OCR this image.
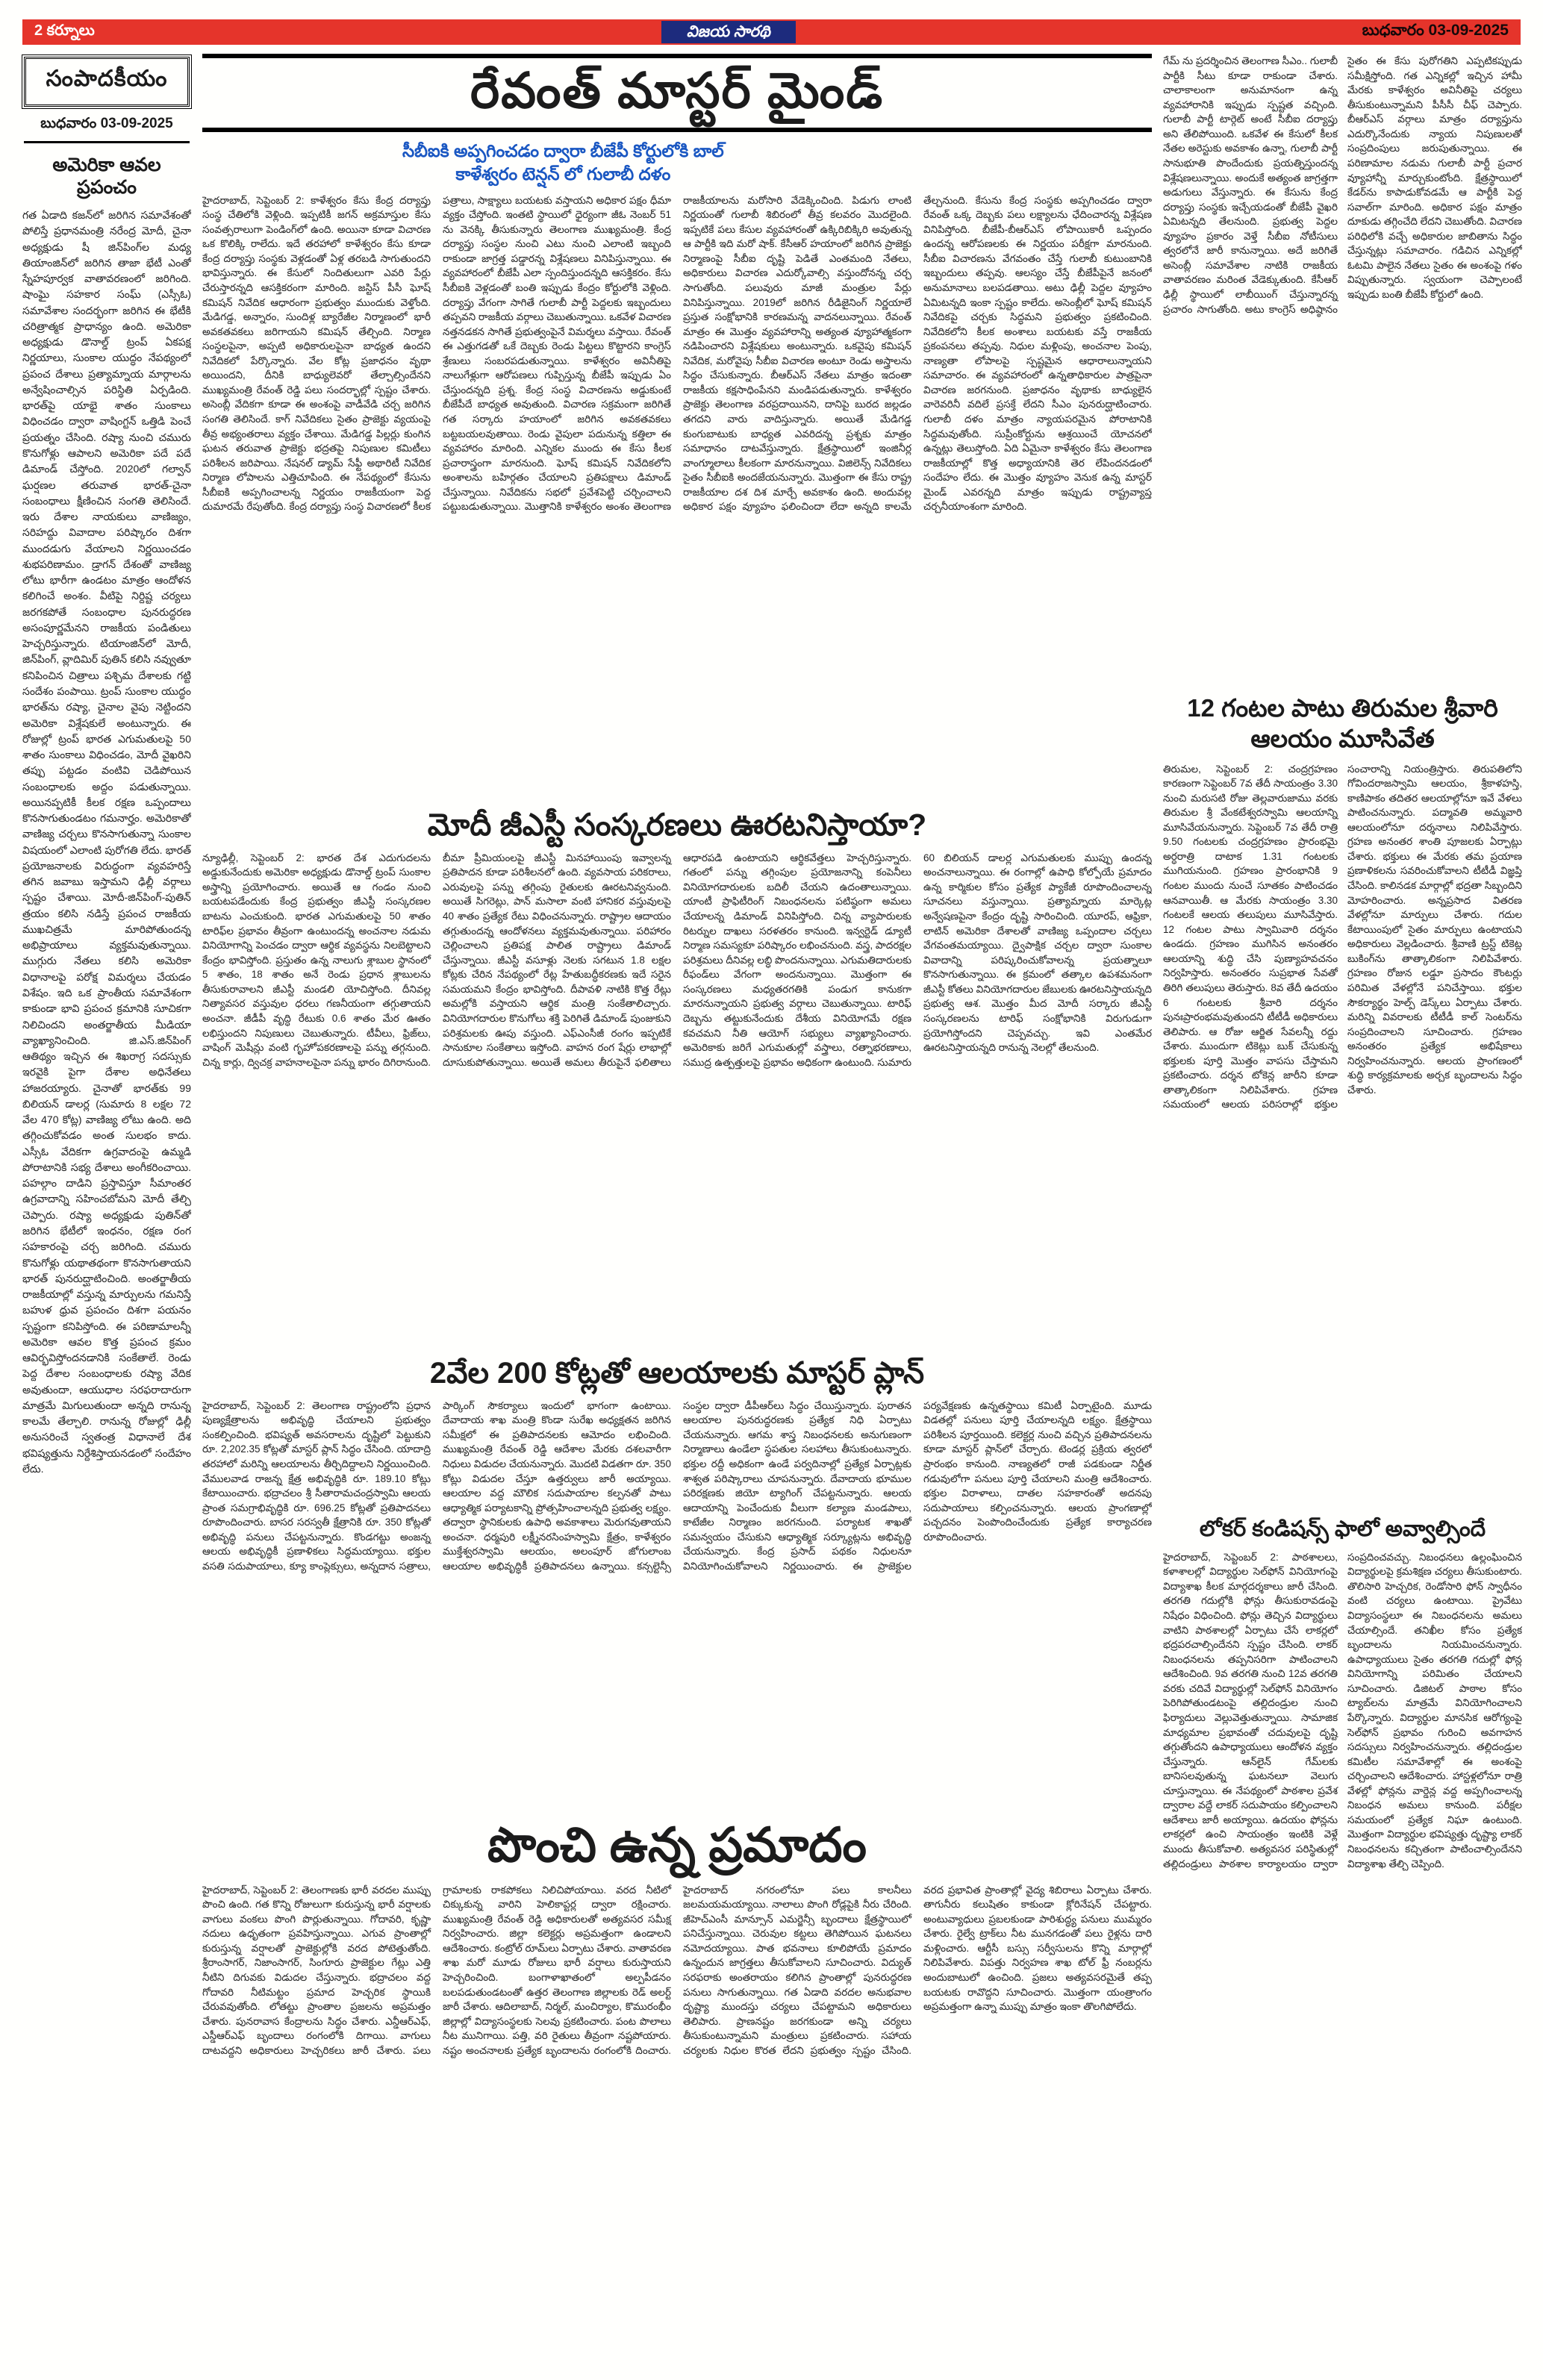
2 కర్నూలు	విజయ సారథి	బుధవారం 03-09-2025
సంపాదకీయం
బుధవారం 03-09-2025
అమెరికా ఆవల ప్రపంచం
గత ఏడాది కజన్‌లో జరిగిన సమావేశంతో పోలిస్తే ప్రధానమంత్రి నరేంద్ర మోదీ, చైనా అధ్యక్షుడు షీ జిన్‌పింగ్‌ల మధ్య తియాంజిన్‌లో జరిగిన తాజా భేటీ ఎంతో స్నేహపూర్వక వాతావరణంలో జరిగింది. షాంఘై సహకార సంఘ్ (ఎస్సీఓ) సమావేశాల సందర్భంగా జరిగిన ఈ భేటీకి చరిత్రాత్మక ప్రాధాన్యం ఉంది. అమెరికా అధ్యక్షుడు డొనాల్డ్ ట్రంప్ ఏకపక్ష నిర్ణయాలు, సుంకాల యుద్ధం నేపథ్యంలో ప్రపంచ దేశాలు ప్రత్యామ్నాయ మార్గాలను అన్వేషించాల్సిన పరిస్థితి ఏర్పడింది. భారత్‌పై యాభై శాతం సుంకాలు విధించడం ద్వారా వాషింగ్టన్ ఒత్తిడి పెంచే ప్రయత్నం చేసింది. రష్యా నుంచి చమురు కొనుగోళ్లు ఆపాలని అమెరికా పదే పదే డిమాండ్ చేస్తోంది. 2020లో గల్వాన్ ఘర్షణల తరువాత భారత్-చైనా సంబంధాలు క్షీణించిన సంగతి తెలిసిందే. ఇరు దేశాల నాయకులు వాణిజ్యం, సరిహద్దు వివాదాల పరిష్కారం దిశగా ముందడుగు వేయాలని నిర్ణయించడం శుభపరిణామం. డ్రాగన్ దేశంతో వాణిజ్య లోటు భారీగా ఉండటం మాత్రం ఆందోళన కలిగించే అంశం. వీటిపై నిర్దిష్ట చర్యలు జరగకపోతే సంబంధాల పునరుద్ధరణ అసంపూర్ణమేనని రాజకీయ పండితులు హెచ్చరిస్తున్నారు. టియాంజిన్‌లో మోదీ, జిన్‌పింగ్, వ్లాదిమిర్ పుతిన్ కలిసి నవ్వుతూ కనిపించిన చిత్రాలు పశ్చిమ దేశాలకు గట్టి సందేశం పంపాయి. ట్రంప్ సుంకాల యుద్ధం భారత్‌ను రష్యా, చైనాల వైపు నెట్టిందని అమెరికా విశ్లేషకులే అంటున్నారు. ఈ రోజుల్లో ట్రంప్ భారత ఎగుమతులపై 50 శాతం సుంకాలు విధించడం, మోదీ వైఖరిని తప్పు పట్టడం వంటివి చెడిపోయిన సంబంధాలకు అద్దం పడుతున్నాయి. అయినప్పటికీ కీలక రక్షణ ఒప్పందాలు కొనసాగుతుండటం గమనార్హం. అమెరికాతో వాణిజ్య చర్చలు కొనసాగుతున్నా సుంకాల విషయంలో ఎలాంటి పురోగతి లేదు. భారత్ ప్రయోజనాలకు విరుద్ధంగా వ్యవహరిస్తే తగిన జవాబు ఇస్తామని ఢిల్లీ వర్గాలు స్పష్టం చేశాయి. మోదీ-జిన్‌పింగ్-పుతిన్ త్రయం కలిసి నడిస్తే ప్రపంచ రాజకీయ ముఖచిత్రమే మారిపోతుందన్న అభిప్రాయాలు వ్యక్తమవుతున్నాయి. ముగ్గురు నేతలు కలిసి అమెరికా విధానాలపై పరోక్ష విమర్శలు చేయడం విశేషం. ఇది ఒక ప్రాంతీయ సమావేశంగా కాకుండా భావి ప్రపంచ క్రమానికి సూచికగా నిలిచిందని అంతర్జాతీయ మీడియా వ్యాఖ్యానించింది. జి.ఎస్.జిన్‌పింగ్ ఆతిథ్యం ఇచ్చిన ఈ శిఖరాగ్ర సదస్సుకు ఇరవైకి పైగా దేశాల అధినేతలు హాజరయ్యారు. చైనాతో భారత్‌కు 99 బిలియన్ డాలర్ల (సుమారు 8 లక్షల 72 వేల 470 కోట్ల) వాణిజ్య లోటు ఉంది. అది తగ్గించుకోవడం అంత సులభం కాదు. ఎస్సీఓ వేదికగా ఉగ్రవాదంపై ఉమ్మడి పోరాటానికి సభ్య దేశాలు అంగీకరించాయి. పహల్గాం దాడిని ప్రస్తావిస్తూ సీమాంతర ఉగ్రవాదాన్ని సహించబోమని మోదీ తేల్చి చెప్పారు. రష్యా అధ్యక్షుడు పుతిన్‌తో జరిగిన భేటీలో ఇంధనం, రక్షణ రంగ సహకారంపై చర్చ జరిగింది. చమురు కొనుగోళ్లు యథాతథంగా కొనసాగుతాయని భారత్ పునరుద్ఘాటించింది. అంతర్జాతీయ రాజకీయాల్లో వస్తున్న మార్పులను గమనిస్తే బహుళ ధ్రువ ప్రపంచం దిశగా పయనం స్పష్టంగా కనిపిస్తోంది. ఈ పరిణామాలన్నీ అమెరికా ఆవల కొత్త ప్రపంచ క్రమం ఆవిర్భవిస్తోందనడానికి సంకేతాలే. రెండు పెద్ద దేశాల సంబంధాలకు రష్యా వేదిక అవుతుందా, ఆయుధాల సరఫరాదారుగా మాత్రమే మిగులుతుందా అన్నది రానున్న కాలమే తేల్చాలి. రానున్న రోజుల్లో ఢిల్లీ అనుసరించే స్వతంత్ర విధానాలే దేశ భవిష్యత్తును నిర్దేశిస్తాయనడంలో సందేహం లేదు.
రేవంత్ మాస్టర్ మైండ్
సీబీఐకి అప్పగించడం ద్వారా బీజేపీ కోర్టులోకి బాల్
కాళేశ్వరం టెన్షన్ లో గులాబీ దళం
హైదరాబాద్, సెప్టెంబర్ 2: కాళేశ్వరం కేసు కేంద్ర దర్యాప్తు సంస్థ చేతిలోకి వెళ్లింది. ఇప్పటికీ జగన్ అక్రమాస్తుల కేసు సంవత్సరాలుగా పెండింగ్‌లో ఉంది. అయినా కూడా విచారణ ఒక కొలిక్కి రాలేదు. ఇదే తరహాలో కాళేశ్వరం కేసు కూడా కేంద్ర దర్యాప్తు సంస్థకు వెళ్లడంతో ఏళ్ల తరబడి సాగుతుందని భావిస్తున్నారు. ఈ కేసులో నిందితులుగా ఎవరి పేర్లు చేరుస్తారన్నది ఆసక్తికరంగా మారింది. జస్టిస్ పీసీ ఘోష్ కమిషన్ నివేదిక ఆధారంగా ప్రభుత్వం ముందుకు వెళ్తోంది. మేడిగడ్డ, అన్నారం, సుందిళ్ల బ్యారేజీల నిర్మాణంలో భారీ అవకతవకలు జరిగాయని కమిషన్ తేల్చింది. నిర్మాణ సంస్థలపైనా, అప్పటి అధికారులపైనా బాధ్యత ఉందని నివేదికలో పేర్కొన్నారు. వేల కోట్ల ప్రజాధనం వృథా అయిందని, దీనికి బాధ్యులెవరో తేల్చాల్సిందేనని ముఖ్యమంత్రి రేవంత్ రెడ్డి పలు సందర్భాల్లో స్పష్టం చేశారు. అసెంబ్లీ వేదికగా కూడా ఈ అంశంపై వాడీవేడి చర్చ జరిగిన సంగతి తెలిసిందే. కాగ్ నివేదికలు సైతం ప్రాజెక్టు వ్యయంపై తీవ్ర అభ్యంతరాలు వ్యక్తం చేశాయి. మేడిగడ్డ పిల్లర్లు కుంగిన ఘటన తరువాత ప్రాజెక్టు భద్రతపై నిపుణుల కమిటీలు పరిశీలన జరిపాయి. నేషనల్ డ్యామ్ సేఫ్టీ అథారిటీ నివేదిక నిర్మాణ లోపాలను ఎత్తిచూపింది. ఈ నేపథ్యంలో కేసును సీబీఐకి అప్పగించాలన్న నిర్ణయం రాజకీయంగా పెద్ద దుమారమే రేపుతోంది. కేంద్ర దర్యాప్తు సంస్థ విచారణలో కీలక పత్రాలు, సాక్ష్యాలు బయటకు వస్తాయని అధికార పక్షం ధీమా వ్యక్తం చేస్తోంది. ఇంతటి స్థాయిలో ధైర్యంగా జీఓ నెంబర్ 51 ను వెనక్కి తీసుకున్నారు తెలంగాణ ముఖ్యమంత్రి. కేంద్ర దర్యాప్తు సంస్థల నుంచి ఎటు నుంచి ఎలాంటి ఇబ్బంది రాకుండా జాగ్రత్త పడ్డారన్న విశ్లేషణలు వినిపిస్తున్నాయి. ఈ వ్యవహారంలో బీజేపీ ఎలా స్పందిస్తుందన్నది ఆసక్తికరం. కేసు సీబీఐకి వెళ్లడంతో బంతి ఇప్పుడు కేంద్రం కోర్టులోకి వెళ్లింది. దర్యాప్తు వేగంగా సాగితే గులాబీ పార్టీ పెద్దలకు ఇబ్బందులు తప్పవని రాజకీయ వర్గాలు చెబుతున్నాయి. ఒకవేళ విచారణ నత్తనడకన సాగితే ప్రభుత్వంపైనే విమర్శలు వస్తాయి. రేవంత్ ఈ ఎత్తుగడతో ఒకే దెబ్బకు రెండు పిట్టలు కొట్టారని కాంగ్రెస్ శ్రేణులు సంబరపడుతున్నాయి. కాళేశ్వరం అవినీతిపై నాలుగేళ్లుగా ఆరోపణలు గుప్పిస్తున్న బీజేపీ ఇప్పుడు ఏం చేస్తుందన్నది ప్రశ్న. కేంద్ర సంస్థ విచారణను అడ్డుకుంటే బీజేపీదే బాధ్యత అవుతుంది. విచారణ సక్రమంగా జరిగితే గత సర్కారు హయాంలో జరిగిన అవకతవకలు బట్టబయలవుతాయి. రెండు వైపులా పదునున్న కత్తిలా ఈ వ్యవహారం మారింది. ఎన్నికల ముందు ఈ కేసు కీలక ప్రచారాస్త్రంగా మారనుంది. ఘోష్ కమిషన్ నివేదికలోని అంశాలను బహిర్గతం చేయాలని ప్రతిపక్షాలు డిమాండ్ చేస్తున్నాయి. నివేదికను సభలో ప్రవేశపెట్టి చర్చించాలని పట్టుబడుతున్నాయి. మొత్తానికి కాళేశ్వరం అంశం తెలంగాణ రాజకీయాలను మరోసారి వేడెక్కించింది. పిడుగు లాంటి నిర్ణయంతో గులాబీ శిబిరంలో తీవ్ర కలవరం మొదలైంది. ఇప్పటికే పలు కేసుల వ్యవహారంతో ఉక్కిరిబిక్కిరి అవుతున్న ఆ పార్టీకి ఇది మరో షాక్. కేసీఆర్ హయాంలో జరిగిన ప్రాజెక్టు నిర్మాణంపై సీబీఐ దృష్టి పెడితే ఎంతమంది నేతలు, అధికారులు విచారణ ఎదుర్కోవాల్సి వస్తుందోనన్న చర్చ సాగుతోంది. పలువురు మాజీ మంత్రుల పేర్లు వినిపిస్తున్నాయి. 2019లో జరిగిన రీడిజైనింగ్ నిర్ణయాలే ప్రస్తుత సంక్షోభానికి కారణమన్న వాదనలున్నాయి. రేవంత్ మాత్రం ఈ మొత్తం వ్యవహారాన్ని అత్యంత వ్యూహాత్మకంగా నడిపించారని విశ్లేషకులు అంటున్నారు. ఒకవైపు కమిషన్ నివేదిక, మరోవైపు సీబీఐ విచారణ అంటూ రెండు అస్త్రాలను సిద్ధం చేసుకున్నారు. బీఆర్ఎస్ నేతలు మాత్రం ఇదంతా రాజకీయ కక్షసాధింపేనని మండిపడుతున్నారు. కాళేశ్వరం ప్రాజెక్టు తెలంగాణ వరప్రదాయినని, దానిపై బురద జల్లడం తగదని వారు వాదిస్తున్నారు. అయితే మేడిగడ్డ కుంగుబాటుకు బాధ్యత ఎవరిదన్న ప్రశ్నకు మాత్రం సమాధానం దాటవేస్తున్నారు. క్షేత్రస్థాయిలో ఇంజినీర్ల వాంగ్మూలాలు కీలకంగా మారనున్నాయి. విజిలెన్స్ నివేదికలు సైతం సీబీఐకి అందజేయనున్నారు. మొత్తంగా ఈ కేసు రాష్ట్ర రాజకీయాల దశ దిశ మార్చే అవకాశం ఉంది. అందువల్ల అధికార పక్షం వ్యూహం ఫలించిందా లేదా అన్నది కాలమే తేల్చనుంది. కేసును కేంద్ర సంస్థకు అప్పగించడం ద్వారా రేవంత్ ఒక్క దెబ్బకు పలు లక్ష్యాలను ఛేదించారన్న విశ్లేషణ వినిపిస్తోంది. బీజేపీ-బీఆర్ఎస్ లోపాయికారీ ఒప్పందం ఉందన్న ఆరోపణలకు ఈ నిర్ణయం పరీక్షగా మారనుంది. సీబీఐ విచారణను వేగవంతం చేస్తే గులాబీ కుటుంబానికి ఇబ్బందులు తప్పవు. ఆలస్యం చేస్తే బీజేపీపైనే జనంలో అనుమానాలు బలపడతాయి. అటు ఢిల్లీ పెద్దల వ్యూహం ఏమిటన్నది ఇంకా స్పష్టం కాలేదు. అసెంబ్లీలో ఘోష్ కమిషన్ నివేదికపై చర్చకు సిద్ధమని ప్రభుత్వం ప్రకటించింది. నివేదికలోని కీలక అంశాలు బయటకు వస్తే రాజకీయ ప్రకంపనలు తప్పవు. నిధుల మళ్లింపు, అంచనాల పెంపు, నాణ్యతా లోపాలపై స్పష్టమైన ఆధారాలున్నాయని సమాచారం. ఈ వ్యవహారంలో ఉన్నతాధికారుల పాత్రపైనా విచారణ జరగనుంది. ప్రజాధనం వృథాకు బాధ్యులైన వారెవరినీ వదిలే ప్రసక్తే లేదని సీఎం పునరుద్ఘాటించారు. గులాబీ దళం మాత్రం న్యాయపరమైన పోరాటానికి సిద్ధమవుతోంది. సుప్రీంకోర్టును ఆశ్రయించే యోచనలో ఉన్నట్లు తెలుస్తోంది. ఏది ఏమైనా కాళేశ్వరం కేసు తెలంగాణ రాజకీయాల్లో కొత్త అధ్యాయానికి తెర లేపిందనడంలో సందేహం లేదు. ఈ మొత్తం వ్యూహం వెనుక ఉన్న మాస్టర్ మైండ్ ఎవరన్నది మాత్రం ఇప్పుడు రాష్ట్రవ్యాప్త చర్చనీయాంశంగా మారింది.
మోదీ జీఎస్టీ సంస్కరణలు ఊరటనిస్తాయా?
న్యూఢిల్లీ, సెప్టెంబర్ 2: భారత దేశ ఎదుగుదలను అడ్డుకునేందుకు అమెరికా అధ్యక్షుడు డొనాల్డ్ ట్రంప్ సుంకాల అస్త్రాన్ని ప్రయోగించారు. అయితే ఆ గండం నుంచి బయటపడేందుకు కేంద్ర ప్రభుత్వం జీఎస్టీ సంస్కరణల బాటను ఎంచుకుంది. భారత ఎగుమతులపై 50 శాతం టారిఫ్‌ల ప్రభావం తీవ్రంగా ఉంటుందన్న అంచనాల నడుమ వినియోగాన్ని పెంచడం ద్వారా ఆర్థిక వ్యవస్థను నిలబెట్టాలని కేంద్రం భావిస్తోంది. ప్రస్తుతం ఉన్న నాలుగు శ్లాబుల స్థానంలో 5 శాతం, 18 శాతం అనే రెండు ప్రధాన శ్లాబులను తీసుకురావాలని జీఎస్టీ మండలి యోచిస్తోంది. దీనివల్ల నిత్యావసర వస్తువుల ధరలు గణనీయంగా తగ్గుతాయని అంచనా. జీడీపీ వృద్ధి రేటుకు 0.6 శాతం మేర ఊతం లభిస్తుందని నిపుణులు చెబుతున్నారు. టీవీలు, ఫ్రిజ్‌లు, వాషింగ్ మెషీన్లు వంటి గృహోపకరణాలపై పన్ను తగ్గనుంది. చిన్న కార్లు, ద్విచక్ర వాహనాలపైనా పన్ను భారం దిగిరానుంది. బీమా ప్రీమియంలపై జీఎస్టీ మినహాయింపు ఇవ్వాలన్న ప్రతిపాదన కూడా పరిశీలనలో ఉంది. వ్యవసాయ పరికరాలు, ఎరువులపై పన్ను తగ్గింపు రైతులకు ఊరటనివ్వనుంది. అయితే సిగరెట్లు, పాన్ మసాలా వంటి హానికర వస్తువులపై 40 శాతం ప్రత్యేక రేటు విధించనున్నారు. రాష్ట్రాల ఆదాయం తగ్గుతుందన్న ఆందోళనలు వ్యక్తమవుతున్నాయి. పరిహారం చెల్లించాలని ప్రతిపక్ష పాలిత రాష్ట్రాలు డిమాండ్ చేస్తున్నాయి. జీఎస్టీ వసూళ్లు నెలకు సగటున 1.8 లక్షల కోట్లకు చేరిన నేపథ్యంలో రేట్ల హేతుబద్ధీకరణకు ఇదే సరైన సమయమని కేంద్రం భావిస్తోంది. దీపావళి నాటికి కొత్త రేట్లు అమల్లోకి వస్తాయని ఆర్థిక మంత్రి సంకేతాలిచ్చారు. వినియోగదారుల కొనుగోలు శక్తి పెరిగితే డిమాండ్ పుంజుకుని పరిశ్రమలకు ఊపు వస్తుంది. ఎఫ్ఎంసీజీ రంగం ఇప్పటికే సానుకూల సంకేతాలు ఇస్తోంది. వాహన రంగ షేర్లు లాభాల్లో దూసుకుపోతున్నాయి. అయితే అమలు తీరుపైనే ఫలితాలు ఆధారపడి ఉంటాయని ఆర్థికవేత్తలు హెచ్చరిస్తున్నారు. గతంలో పన్ను తగ్గింపుల ప్రయోజనాన్ని కంపెనీలు వినియోగదారులకు బదిలీ చేయని ఉదంతాలున్నాయి. యాంటీ ప్రాఫిటీరింగ్ నిబంధనలను పటిష్ఠంగా అమలు చేయాలన్న డిమాండ్ వినిపిస్తోంది. చిన్న వ్యాపారులకు రిటర్నుల దాఖలు సరళతరం కానుంది. ఇన్వర్టెడ్ డ్యూటీ నిర్మాణ సమస్యకూ పరిష్కారం లభించనుంది. వస్త్ర, పాదరక్షల పరిశ్రమలు దీనివల్ల లబ్ధి పొందనున్నాయి. ఎగుమతిదారులకు రీఫండ్‌లు వేగంగా అందనున్నాయి. మొత్తంగా ఈ సంస్కరణలు మధ్యతరగతికి పండుగ కానుకగా మారనున్నాయని ప్రభుత్వ వర్గాలు చెబుతున్నాయి. టారిఫ్ దెబ్బను తట్టుకునేందుకు దేశీయ వినియోగమే రక్షణ కవచమని నీతి ఆయోగ్ సభ్యులు వ్యాఖ్యానించారు. అమెరికాకు జరిగే ఎగుమతుల్లో వస్త్రాలు, రత్నాభరణాలు, సముద్ర ఉత్పత్తులపై ప్రభావం అధికంగా ఉంటుంది. సుమారు 60 బిలియన్ డాలర్ల ఎగుమతులకు ముప్పు ఉందన్న అంచనాలున్నాయి. ఈ రంగాల్లో ఉపాధి కోల్పోయే ప్రమాదం ఉన్న కార్మికుల కోసం ప్రత్యేక ప్యాకేజీ రూపొందించాలన్న సూచనలు వస్తున్నాయి. ప్రత్యామ్నాయ మార్కెట్ల అన్వేషణపైనా కేంద్రం దృష్టి సారించింది. యూరప్, ఆఫ్రికా, లాటిన్ అమెరికా దేశాలతో వాణిజ్య ఒప్పందాల చర్చలు వేగవంతమయ్యాయి. ద్వైపాక్షిక చర్చల ద్వారా సుంకాల వివాదాన్ని పరిష్కరించుకోవాలన్న ప్రయత్నాలూ కొనసాగుతున్నాయి. ఈ క్రమంలో తత్కాల ఉపశమనంగా జీఎస్టీ కోతలు వినియోగదారుల జేబులకు ఊరటనిస్తాయన్నది ప్రభుత్వ ఆశ. మొత్తం మీద మోదీ సర్కారు జీఎస్టీ సంస్కరణలను టారిఫ్ సంక్షోభానికి విరుగుడుగా ప్రయోగిస్తోందని చెప్పవచ్చు. ఇవి ఎంతమేర ఊరటనిస్తాయన్నది రానున్న నెలల్లో తేలనుంది.
2వేల 200 కోట్లతో ఆలయాలకు మాస్టర్ ప్లాన్
హైదరాబాద్, సెప్టెంబర్ 2: తెలంగాణ రాష్ట్రంలోని ప్రధాన పుణ్యక్షేత్రాలను అభివృద్ధి చేయాలని ప్రభుత్వం సంకల్పించింది. భవిష్యత్ అవసరాలను దృష్టిలో పెట్టుకుని రూ. 2,202.35 కోట్లతో మాస్టర్ ప్లాన్ సిద్ధం చేసింది. యాదాద్రి తరహాలో మరిన్ని ఆలయాలను తీర్చిదిద్దాలని నిర్ణయించింది. వేములవాడ రాజన్న క్షేత్ర అభివృద్ధికి రూ. 189.10 కోట్లు కేటాయించారు. భద్రాచలం శ్రీ సీతారామచంద్రస్వామి ఆలయ ప్రాంత సమగ్రాభివృద్ధికి రూ. 696.25 కోట్లతో ప్రతిపాదనలు రూపొందించారు. బాసర సరస్వతీ క్షేత్రానికి రూ. 350 కోట్లతో అభివృద్ధి పనులు చేపట్టనున్నారు. కొండగట్టు అంజన్న ఆలయ అభివృద్ధికీ ప్రణాళికలు సిద్ధమయ్యాయి. భక్తుల వసతి సదుపాయాలు, క్యూ కాంప్లెక్సులు, అన్నదాన సత్రాలు, పార్కింగ్ సౌకర్యాలు ఇందులో భాగంగా ఉంటాయి. దేవాదాయ శాఖ మంత్రి కొండా సురేఖ అధ్యక్షతన జరిగిన సమీక్షలో ఈ ప్రతిపాదనలకు ఆమోదం లభించింది. ముఖ్యమంత్రి రేవంత్ రెడ్డి ఆదేశాల మేరకు దశలవారీగా నిధులు విడుదల చేయనున్నారు. మొదటి విడతగా రూ. 350 కోట్లు విడుదల చేస్తూ ఉత్తర్వులు జారీ అయ్యాయి. ఆలయాల వద్ద మౌలిక సదుపాయాల కల్పనతో పాటు ఆధ్యాత్మిక పర్యాటకాన్ని ప్రోత్సహించాలన్నది ప్రభుత్వ లక్ష్యం. తద్వారా స్థానికులకు ఉపాధి అవకాశాలు మెరుగవుతాయని అంచనా. ధర్మపురి లక్ష్మీనరసింహస్వామి క్షేత్రం, కాళేశ్వరం ముక్తేశ్వరస్వామి ఆలయం, అలంపూర్ జోగులాంబ ఆలయాల అభివృద్ధికీ ప్రతిపాదనలు ఉన్నాయి. కన్సల్టెన్సీ సంస్థల ద్వారా డీపీఆర్‌లు సిద్ధం చేయిస్తున్నారు. పురాతన ఆలయాల పునరుద్ధరణకు ప్రత్యేక నిధి ఏర్పాటు చేయనున్నారు. ఆగమ శాస్త్ర నిబంధనలకు అనుగుణంగా నిర్మాణాలు ఉండేలా స్థపతుల సలహాలు తీసుకుంటున్నారు. భక్తుల రద్దీ అధికంగా ఉండే పర్వదినాల్లో ప్రత్యేక ఏర్పాట్లకు శాశ్వత పరిష్కారాలు చూపనున్నారు. దేవాదాయ భూముల పరిరక్షణకు జియో ట్యాగింగ్ చేపట్టనున్నారు. ఆలయ ఆదాయాన్ని పెంచేందుకు వీలుగా కల్యాణ మండపాలు, కాటేజీల నిర్మాణం జరగనుంది. పర్యాటక శాఖతో సమన్వయం చేసుకుని ఆధ్యాత్మిక సర్క్యూట్లను అభివృద్ధి చేయనున్నారు. కేంద్ర ప్రసాద్ పథకం నిధులనూ వినియోగించుకోవాలని నిర్ణయించారు. ఈ ప్రాజెక్టుల పర్యవేక్షణకు ఉన్నతస్థాయి కమిటీ ఏర్పాటైంది. మూడు విడతల్లో పనులు పూర్తి చేయాలన్నది లక్ష్యం. క్షేత్రస్థాయి పరిశీలన పూర్తయింది. కలెక్టర్ల నుంచి వచ్చిన ప్రతిపాదనలను కూడా మాస్టర్ ప్లాన్‌లో చేర్చారు. టెండర్ల ప్రక్రియ త్వరలో ప్రారంభం కానుంది. నాణ్యతలో రాజీ పడకుండా నిర్ణీత గడువులోగా పనులు పూర్తి చేయాలని మంత్రి ఆదేశించారు. భక్తుల విరాళాలు, దాతల సహకారంతో అదనపు సదుపాయాలు కల్పించనున్నారు. ఆలయ ప్రాంగణాల్లో పచ్చదనం పెంపొందించేందుకు ప్రత్యేక కార్యాచరణ రూపొందించారు.
పొంచి ఉన్న ప్రమాదం
హైదరాబాద్, సెప్టెంబర్ 2: తెలంగాణకు భారీ వరదల ముప్పు పొంచి ఉంది. గత కొన్ని రోజులుగా కురుస్తున్న భారీ వర్షాలకు వాగులు వంకలు పొంగి పొర్లుతున్నాయి. గోదావరి, కృష్ణా నదులు ఉధృతంగా ప్రవహిస్తున్నాయి. ఎగువ ప్రాంతాల్లో కురుస్తున్న వర్షాలతో ప్రాజెక్టుల్లోకి వరద పోటెత్తుతోంది. శ్రీరాంసాగర్, నిజాంసాగర్, సింగూరు ప్రాజెక్టుల గేట్లు ఎత్తి నీటిని దిగువకు విడుదల చేస్తున్నారు. భద్రాచలం వద్ద గోదావరి నీటిమట్టం ప్రమాద హెచ్చరిక స్థాయికి చేరువవుతోంది. లోతట్టు ప్రాంతాల ప్రజలను అప్రమత్తం చేశారు. పునరావాస కేంద్రాలను సిద్ధం చేశారు. ఎన్డీఆర్ఎఫ్, ఎస్డీఆర్ఎఫ్ బృందాలు రంగంలోకి దిగాయి. వాగులు దాటవద్దని అధికారులు హెచ్చరికలు జారీ చేశారు. పలు గ్రామాలకు రాకపోకలు నిలిచిపోయాయి. వరద నీటిలో చిక్కుకున్న వారిని హెలికాప్టర్ల ద్వారా రక్షించారు. ముఖ్యమంత్రి రేవంత్ రెడ్డి అధికారులతో అత్యవసర సమీక్ష నిర్వహించారు. జిల్లా కలెక్టర్లు అప్రమత్తంగా ఉండాలని ఆదేశించారు. కంట్రోల్ రూమ్‌లు ఏర్పాటు చేశారు. వాతావరణ శాఖ మరో మూడు రోజులు భారీ వర్షాలు కురుస్తాయని హెచ్చరించింది. బంగాళాఖాతంలో అల్పపీడనం బలపడుతుండటంతో ఉత్తర తెలంగాణ జిల్లాలకు రెడ్ అలర్ట్ జారీ చేశారు. ఆదిలాబాద్, నిర్మల్, మంచిర్యాల, కొమురంభీం జిల్లాల్లో విద్యాసంస్థలకు సెలవు ప్రకటించారు. పంట పొలాలు నీట మునిగాయి. పత్తి, వరి రైతులు తీవ్రంగా నష్టపోయారు. నష్టం అంచనాలకు ప్రత్యేక బృందాలను రంగంలోకి దించారు. హైదరాబాద్ నగరంలోనూ పలు కాలనీలు జలమయమయ్యాయి. నాలాలు పొంగి రోడ్లపైకి నీరు చేరింది. జీహెచ్ఎంసీ మాన్సూన్ ఎమర్జెన్సీ బృందాలు క్షేత్రస్థాయిలో పనిచేస్తున్నాయి. చెరువుల కట్టలు తెగిపోయిన ఘటనలు నమోదయ్యాయి. పాత భవనాలు కూలిపోయే ప్రమాదం ఉన్నందున జాగ్రత్తలు తీసుకోవాలని సూచించారు. విద్యుత్ సరఫరాకు అంతరాయం కలిగిన ప్రాంతాల్లో పునరుద్ధరణ పనులు సాగుతున్నాయి. గత ఏడాది వరదల అనుభవాల దృష్ట్యా ముందస్తు చర్యలు చేపట్టామని అధికారులు తెలిపారు. ప్రాణనష్టం జరగకుండా అన్ని చర్యలు తీసుకుంటున్నామని మంత్రులు ప్రకటించారు. సహాయ చర్యలకు నిధుల కొరత లేదని ప్రభుత్వం స్పష్టం చేసింది. వరద ప్రభావిత ప్రాంతాల్లో వైద్య శిబిరాలు ఏర్పాటు చేశారు. తాగునీరు కలుషితం కాకుండా క్లోరినేషన్ చేపట్టారు. అంటువ్యాధులు ప్రబలకుండా పారిశుద్ధ్య పనులు ముమ్మరం చేశారు. రైల్వే ట్రాక్‌లు నీట మునగడంతో పలు రైళ్లను దారి మళ్లించారు. ఆర్టీసీ బస్సు సర్వీసులను కొన్ని మార్గాల్లో నిలిపివేశారు. విపత్తు నిర్వహణ శాఖ టోల్ ఫ్రీ నంబర్లను అందుబాటులో ఉంచింది. ప్రజలు అత్యవసరమైతే తప్ప బయటకు రావొద్దని సూచించారు. మొత్తంగా యంత్రాంగం అప్రమత్తంగా ఉన్నా ముప్పు మాత్రం ఇంకా తొలగిపోలేదు.
గేమ్ ను ప్రదర్శించిన తెలంగాణ సీఎం.. గులాబీ పార్టీకి సీటు కూడా రాకుండా చేశారు. చాలాకాలంగా అనుమానంగా ఉన్న వ్యవహారానికి ఇప్పుడు స్పష్టత వచ్చింది. గులాబీ పార్టీ టార్గెట్ అంటే సీబీఐ దర్యాప్తు అని తేలిపోయింది. ఒకవేళ ఈ కేసులో కీలక నేతల అరెస్టుకు అవకాశం ఉన్నా, గులాబీ పార్టీ సానుభూతి పొందేందుకు ప్రయత్నిస్తుందన్న విశ్లేషణలున్నాయి. అందుకే అత్యంత జాగ్రత్తగా అడుగులు వేస్తున్నారు. ఈ కేసును కేంద్ర దర్యాప్తు సంస్థకు ఇచ్చేయడంతో బీజేపీ వైఖరి ఏమిటన్నది తేలనుంది. ప్రభుత్వ పెద్దల వ్యూహం ప్రకారం వెళ్తే సీబీఐ నోటీసులు త్వరలోనే జారీ కానున్నాయి. అదే జరిగితే అసెంబ్లీ సమావేశాల నాటికి రాజకీయ వాతావరణం మరింత వేడెక్కుతుంది. కేసీఆర్ ఢిల్లీ స్థాయిలో లాబీయింగ్ చేస్తున్నారన్న ప్రచారం సాగుతోంది. అటు కాంగ్రెస్ అధిష్ఠానం సైతం ఈ కేసు పురోగతిని ఎప్పటికప్పుడు సమీక్షిస్తోంది. గత ఎన్నికల్లో ఇచ్చిన హామీ మేరకు కాళేశ్వరం అవినీతిపై చర్యలు తీసుకుంటున్నామని పీసీసీ చీఫ్ చెప్పారు. బీఆర్ఎస్ వర్గాలు మాత్రం దర్యాప్తును ఎదుర్కొనేందుకు న్యాయ నిపుణులతో సంప్రదింపులు జరుపుతున్నాయి. ఈ పరిణామాల నడుమ గులాబీ పార్టీ ప్రచార వ్యూహాన్నీ మార్చుకుంటోంది. క్షేత్రస్థాయిలో కేడర్‌ను కాపాడుకోవడమే ఆ పార్టీకి పెద్ద సవాల్‌గా మారింది. అధికార పక్షం మాత్రం దూకుడు తగ్గించేది లేదని చెబుతోంది. విచారణ పరిధిలోకి వచ్చే అధికారుల జాబితాను సిద్ధం చేస్తున్నట్లు సమాచారం. గడిచిన ఎన్నికల్లో ఓటమి పాలైన నేతలు సైతం ఈ అంశంపై గళం విప్పుతున్నారు. స్వయంగా చెప్పాలంటే ఇప్పుడు బంతి బీజేపీ కోర్టులో ఉంది.
12 గంటల పాటు తిరుమల శ్రీవారి ఆలయం మూసివేత
తిరుమల, సెప్టెంబర్ 2: చంద్రగ్రహణం కారణంగా సెప్టెంబర్ 7వ తేదీ సాయంత్రం 3.30 నుంచి మరుసటి రోజు తెల్లవారుజాము వరకు తిరుమల శ్రీ వేంకటేశ్వరస్వామి ఆలయాన్ని మూసివేయనున్నారు. సెప్టెంబర్ 7వ తేదీ రాత్రి 9.50 గంటలకు చంద్రగ్రహణం ప్రారంభమై అర్ధరాత్రి దాటాక 1.31 గంటలకు ముగియనుంది. గ్రహణం ప్రారంభానికి 9 గంటల ముందు నుంచే సూతకం పాటించడం ఆనవాయితీ. ఆ మేరకు సాయంత్రం 3.30 గంటలకే ఆలయ తలుపులు మూసివేస్తారు. 12 గంటల పాటు స్వామివారి దర్శనం ఉండదు. గ్రహణం ముగిసిన అనంతరం ఆలయాన్ని శుద్ధి చేసి పుణ్యాహవచనం నిర్వహిస్తారు. అనంతరం సుప్రభాత సేవతో తిరిగి తలుపులు తెరుస్తారు. 8వ తేదీ ఉదయం 6 గంటలకు శ్రీవారి దర్శనం పునఃప్రారంభమవుతుందని టీటీడీ అధికారులు తెలిపారు. ఆ రోజు ఆర్జిత సేవలన్నీ రద్దు చేశారు. ముందుగా టికెట్లు బుక్ చేసుకున్న భక్తులకు పూర్తి మొత్తం వాపసు చేస్తామని ప్రకటించారు. దర్శన టోకెన్ల జారీని కూడా తాత్కాలికంగా నిలిపివేశారు. గ్రహణ సమయంలో ఆలయ పరిసరాల్లో భక్తుల సంచారాన్ని నియంత్రిస్తారు. తిరుపతిలోని గోవిందరాజస్వామి ఆలయం, శ్రీకాళహస్తి, కాణిపాకం తదితర ఆలయాల్లోనూ ఇవే వేళలు పాటించనున్నారు. పద్మావతి అమ్మవారి ఆలయంలోనూ దర్శనాలు నిలిపివేస్తారు. గ్రహణ అనంతర శాంతి పూజలకు ఏర్పాట్లు చేశారు. భక్తులు ఈ మేరకు తమ ప్రయాణ ప్రణాళికలను సవరించుకోవాలని టీటీడీ విజ్ఞప్తి చేసింది. కాలినడక మార్గాల్లో భద్రతా సిబ్బందిని మోహరించారు. అన్నప్రసాద వితరణ వేళల్లోనూ మార్పులు చేశారు. గదుల కేటాయింపులో సైతం మార్పులు ఉంటాయని అధికారులు వెల్లడించారు. శ్రీవాణి ట్రస్ట్ టికెట్ల బుకింగ్‌ను తాత్కాలికంగా నిలిపివేశారు. గ్రహణం రోజున లడ్డూ ప్రసాదం కౌంటర్లు పరిమిత వేళల్లోనే పనిచేస్తాయి. భక్తుల సౌకర్యార్థం హెల్ప్ డెస్క్‌లు ఏర్పాటు చేశారు. మరిన్ని వివరాలకు టీటీడీ కాల్ సెంటర్‌ను సంప్రదించాలని సూచించారు. గ్రహణం అనంతరం ప్రత్యేక అభిషేకాలు నిర్వహించనున్నారు. ఆలయ ప్రాంగణంలో శుద్ధి కార్యక్రమాలకు అర్చక బృందాలను సిద్ధం చేశారు.
లోకర్ కండిషన్స్ ఫాలో అవ్వాల్సిందే
హైదరాబాద్, సెప్టెంబర్ 2: పాఠశాలలు, కళాశాలల్లో విద్యార్థుల సెల్‌ఫోన్ వినియోగంపై విద్యాశాఖ కీలక మార్గదర్శకాలు జారీ చేసింది. తరగతి గదుల్లోకి ఫోన్లు తీసుకురావడంపై నిషేధం విధించింది. ఫోన్లు తెచ్చిన విద్యార్థులు వాటిని పాఠశాలల్లో ఏర్పాటు చేసే లాకర్లలో భద్రపరచాల్సిందేనని స్పష్టం చేసింది. లాకర్ నిబంధనలను తప్పనిసరిగా పాటించాలని ఆదేశించింది. 9వ తరగతి నుంచి 12వ తరగతి వరకు చదివే విద్యార్థుల్లో సెల్‌ఫోన్ వినియోగం పెరిగిపోతుండటంపై తల్లిదండ్రుల నుంచి ఫిర్యాదులు వెల్లువెత్తుతున్నాయి. సామాజిక మాధ్యమాల ప్రభావంతో చదువులపై దృష్టి తగ్గుతోందని ఉపాధ్యాయులు ఆందోళన వ్యక్తం చేస్తున్నారు. ఆన్‌లైన్ గేమ్‌లకు బానిసలవుతున్న ఘటనలూ వెలుగు చూస్తున్నాయి. ఈ నేపథ్యంలో పాఠశాల ప్రవేశ ద్వారాల వద్దే లాకర్ సదుపాయం కల్పించాలని ఆదేశాలు జారీ అయ్యాయి. ఉదయం ఫోన్లను లాకర్లలో ఉంచి సాయంత్రం ఇంటికి వెళ్లే ముందు తీసుకోవాలి. అత్యవసర పరిస్థితుల్లో తల్లిదండ్రులు పాఠశాల కార్యాలయం ద్వారా సంప్రదించవచ్చు. నిబంధనలు ఉల్లంఘించిన విద్యార్థులపై క్రమశిక్షణ చర్యలు తీసుకుంటారు. తొలిసారి హెచ్చరిక, రెండోసారి ఫోన్ స్వాధీనం వంటి చర్యలు ఉంటాయి. ప్రైవేటు విద్యాసంస్థలూ ఈ నిబంధనలను అమలు చేయాల్సిందే. తనిఖీల కోసం ప్రత్యేక బృందాలను నియమించనున్నారు. ఉపాధ్యాయులు సైతం తరగతి గదుల్లో ఫోన్ల వినియోగాన్ని పరిమితం చేయాలని సూచించారు. డిజిటల్ పాఠాల కోసం ట్యాబ్‌లను మాత్రమే వినియోగించాలని పేర్కొన్నారు. విద్యార్థుల మానసిక ఆరోగ్యంపై సెల్‌ఫోన్ ప్రభావం గురించి అవగాహన సదస్సులు నిర్వహించనున్నారు. తల్లిదండ్రుల కమిటీల సమావేశాల్లో ఈ అంశంపై చర్చించాలని ఆదేశించారు. హాస్టళ్లలోనూ రాత్రి వేళల్లో ఫోన్లను వార్డెన్ల వద్ద అప్పగించాలన్న నిబంధన అమలు కానుంది. పరీక్షల సమయంలో ప్రత్యేక నిఘా ఉంటుంది. మొత్తంగా విద్యార్థుల భవిష్యత్తు దృష్ట్యా లాకర్ నిబంధనలను కచ్చితంగా పాటించాల్సిందేనని విద్యాశాఖ తేల్చి చెప్పింది.
